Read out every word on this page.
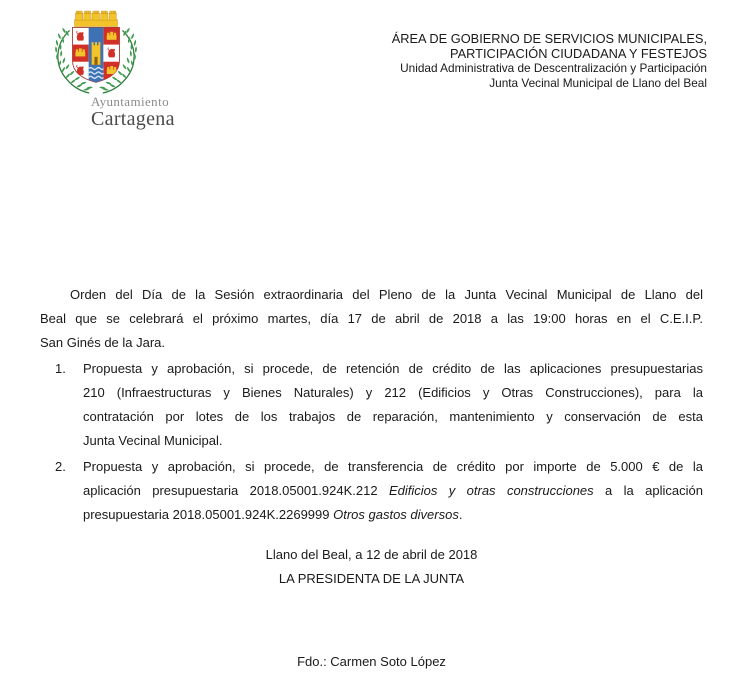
Ayuntamiento
Cartagena
ÁREA DE GOBIERNO DE SERVICIOS MUNICIPALES,
PARTICIPACIÓN CIUDADANA Y FESTEJOS
Unidad Administrativa de Descentralización y Participación
Junta Vecinal Municipal de Llano del Beal
Orden del Día de la Sesión extraordinaria del Pleno de la Junta Vecinal Municipal de Llano del
Beal que se celebrará el próximo martes, día 17 de abril de 2018 a las 19:00 horas en el C.E.I.P.
San Ginés de la Jara.
1.	Propuesta y aprobación, si procede, de retención de crédito de las aplicaciones presupuestarias
210 (Infraestructuras y Bienes Naturales) y 212 (Edificios y Otras Construcciones), para la
contratación por lotes de los trabajos de reparación, mantenimiento y conservación de esta
Junta Vecinal Municipal.
2.	Propuesta y aprobación, si procede, de transferencia de crédito por importe de 5.000 € de la
aplicación presupuestaria 2018.05001.924K.212 Edificios y otras construcciones a la aplicación
presupuestaria 2018.05001.924K.2269999 Otros gastos diversos.
Llano del Beal, a 12 de abril de 2018
LA PRESIDENTA DE LA JUNTA
Fdo.: Carmen Soto López
